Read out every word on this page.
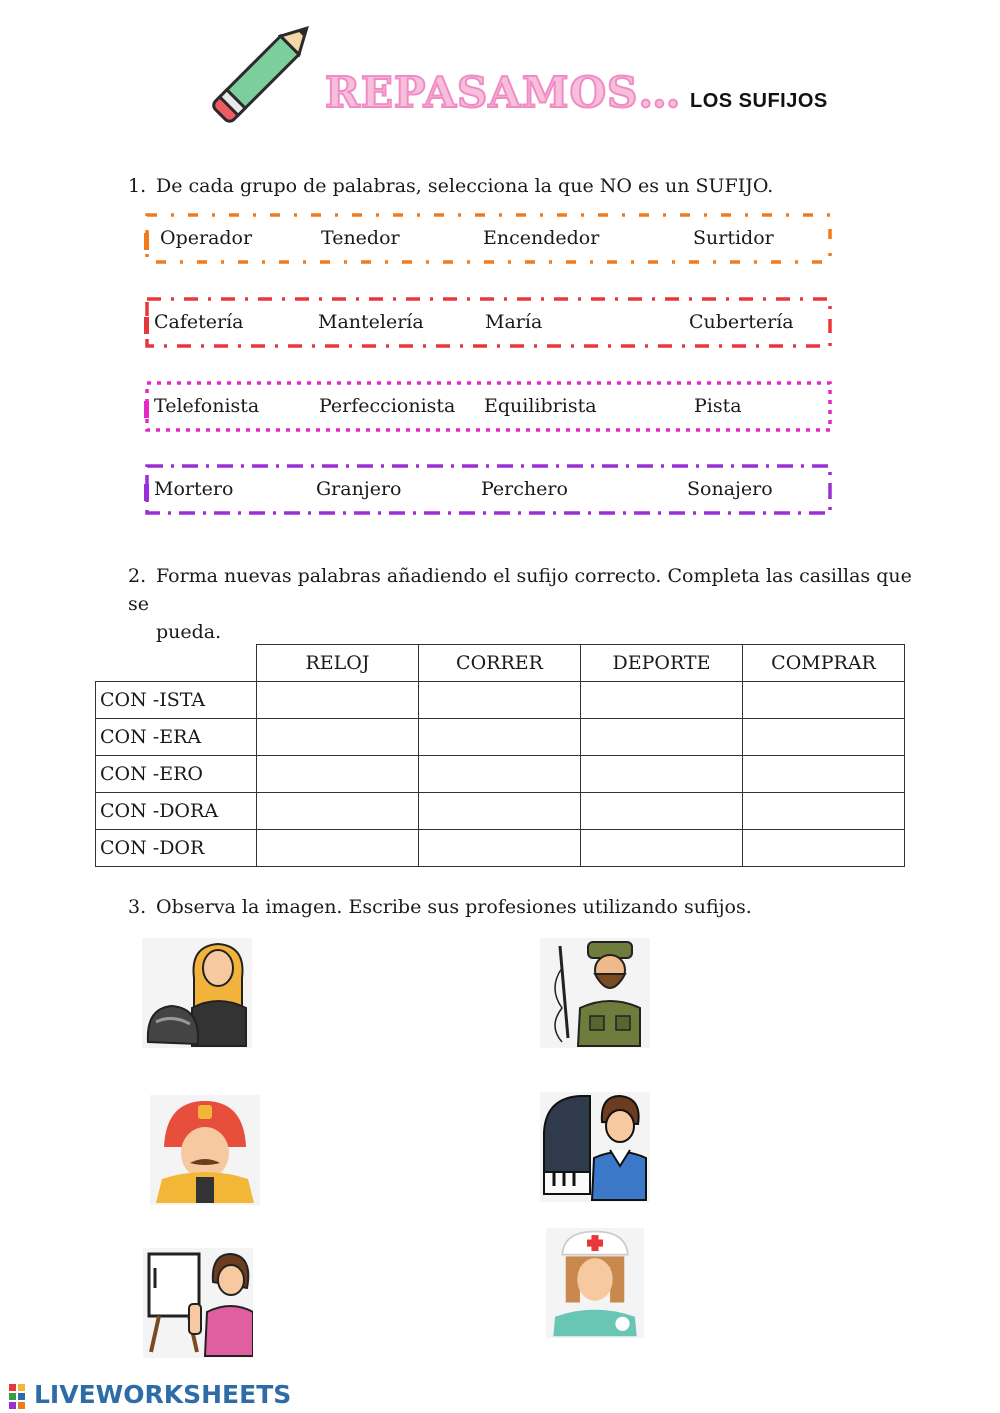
REPASAMOS… LOS SUFIJOS
1. De cada grupo de palabras, selecciona la que NO es un SUFIJO.
Operador	Tenedor	Encendedor	Surtidor
Cafetería	Mantelería	María	Cubertería
Telefonista	Perfeccionista Equilibrista	Pista
Mortero	Granjero	Perchero	Sonajero
2. Forma nuevas palabras añadiendo el sufijo correcto. Completa las casillas que se
pueda.
	RELOJ	CORRER	DEPORTE	COMPRAR
CON -ISTA				
CON -ERA				
CON -ERO				
CON -DORA				
CON -DOR				
3. Observa la imagen. Escribe sus profesiones utilizando sufijos.
LIVEWORKSHEETS
